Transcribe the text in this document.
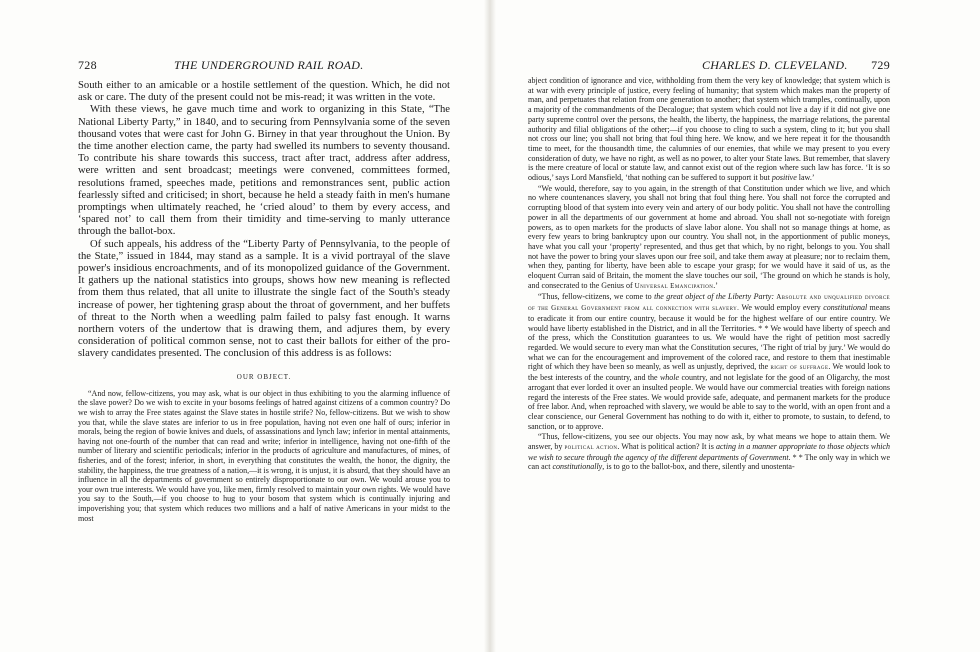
728	THE UNDERGROUND RAIL ROAD.

South either to an amicable or a hostile settlement of the question. Which, he did not ask or care. The duty of the present could not be mis-read; it was written in the vote.

With these views, he gave much time and work to organizing in this State, “The National Liberty Party,” in 1840, and to securing from Pennsylvania some of the seven thousand votes that were cast for John G. Birney in that year throughout the Union. By the time another election came, the party had swelled its numbers to seventy thousand. To contribute his share towards this success, tract after tract, address after address, were written and sent broadcast; meetings were convened, committees formed, resolutions framed, speeches made, petitions and remonstrances sent, public action fearlessly sifted and criticised; in short, because he held a steady faith in men's humane promptings when ultimately reached, he ‘cried aloud’ to them by every access, and ‘spared not’ to call them from their timidity and time-serving to manly utterance through the ballot-box.

Of such appeals, his address of the “Liberty Party of Pennsylvania, to the people of the State,” issued in 1844, may stand as a sample. It is a vivid portrayal of the slave power's insidious encroachments, and of its monopolized guidance of the Government. It gathers up the national statistics into groups, shows how new meaning is reflected from them thus related, that all unite to illustrate the single fact of the South's steady increase of power, her tightening grasp about the throat of government, and her buffets of threat to the North when a weedling palm failed to palsy fast enough. It warns northern voters of the undertow that is drawing them, and adjures them, by every consideration of political common sense, not to cast their ballots for either of the pro-slavery candidates presented. The conclusion of this address is as follows:

OUR OBJECT.

“And now, fellow-citizens, you may ask, what is our object in thus exhibiting to you the alarming influence of the slave power? Do we wish to excite in your bosoms feelings of hatred against citizens of a common country? Do we wish to array the Free states against the Slave states in hostile strife? No, fellow-citizens. But we wish to show you that, while the slave states are inferior to us in free population, having not even one half of ours; inferior in morals, being the region of bowie knives and duels, of assassinations and lynch law; inferior in mental attainments, having not one-fourth of the number that can read and write; inferior in intelligence, having not one-fifth of the number of literary and scientific periodicals; inferior in the products of agriculture and manufactures, of mines, of fisheries, and of the forest; inferior, in short, in everything that constitutes the wealth, the honor, the dignity, the stability, the happiness, the true greatness of a nation,—it is wrong, it is unjust, it is absurd, that they should have an influence in all the departments of government so entirely disproportionate to our own. We would arouse you to your own true interests. We would have you, like men, firmly resolved to maintain your own rights. We would have you say to the South,—if you choose to hug to your bosom that system which is continually injuring and impoverishing you; that system which reduces two millions and a half of native Americans in your midst to the most

CHARLES D. CLEVELAND. 729

abject condition of ignorance and vice, withholding from them the very key of knowledge; that system which is at war with every principle of justice, every feeling of humanity; that system which makes man the property of man, and perpetuates that relation from one generation to another; that system which tramples, continually, upon a majority of the commandments of the Decalogue; that system which could not live a day if it did not give one party supreme control over the persons, the health, the liberty, the happiness, the marriage relations, the parental authority and filial obligations of the other;—if you choose to cling to such a system, cling to it; but you shall not cross our line; you shall not bring that foul thing here. We know, and we here repeat it for the thousandth time to meet, for the thousandth time, the calumnies of our enemies, that while we may present to you every consideration of duty, we have no right, as well as no power, to alter your State laws. But remember, that slavery is the mere creature of local or statute law, and cannot exist out of the region where such law has force. ‘It is so odious,’ says Lord Mansfield, ‘that nothing can be suffered to support it but positive law.’

“We would, therefore, say to you again, in the strength of that Constitution under which we live, and which no where countenances slavery, you shall not bring that foul thing here. You shall not force the corrupted and corrupting blood of that system into every vein and artery of our body politic. You shall not have the controlling power in all the departments of our government at home and abroad. You shall not so-negotiate with foreign powers, as to open markets for the products of slave labor alone. You shall not so manage things at home, as every few years to bring bankruptcy upon our country. You shall not, in the apportionment of public moneys, have what you call your ‘property’ represented, and thus get that which, by no right, belongs to you. You shall not have the power to bring your slaves upon our free soil, and take them away at pleasure; nor to reclaim them, when they, panting for liberty, have been able to escape your grasp; for we would have it said of us, as the eloquent Curran said of Britain, the moment the slave touches our soil, ‘The ground on which he stands is holy, and consecrated to the Genius of Universal Emancipation.’

“Thus, fellow-citizens, we come to the great object of the Liberty Party: Absolute and unqualified divorce of the General Government from all connection with slavery. We would employ every constitutional means to eradicate it from our entire country, because it would be for the highest welfare of our entire country. We would have liberty established in the District, and in all the Territories. * * We would have liberty of speech and of the press, which the Constitution guarantees to us. We would have the right of petition most sacredly regarded. We would secure to every man what the Constitution secures, ‘The right of trial by jury.’ We would do what we can for the encouragement and improvement of the colored race, and restore to them that inestimable right of which they have been so meanly, as well as unjustly, deprived, the right of suffrage. We would look to the best interests of the country, and the whole country, and not legislate for the good of an Oligarchy, the most arrogant that ever lorded it over an insulted people. We would have our commercial treaties with foreign nations regard the interests of the Free states. We would provide safe, adequate, and permanent markets for the produce of free labor. And, when reproached with slavery, we would be able to say to the world, with an open front and a clear conscience, our General Government has nothing to do with it, either to promote, to sustain, to defend, to sanction, or to approve.

“Thus, fellow-citizens, you see our objects. You may now ask, by what means we hope to attain them. We answer, by political action. What is political action? It is acting in a manner appropriate to those objects which we wish to secure through the agency of the different departments of Government. * * The only way in which we can act constitutionally, is to go to the ballot-box, and there, silently and unostenta-
